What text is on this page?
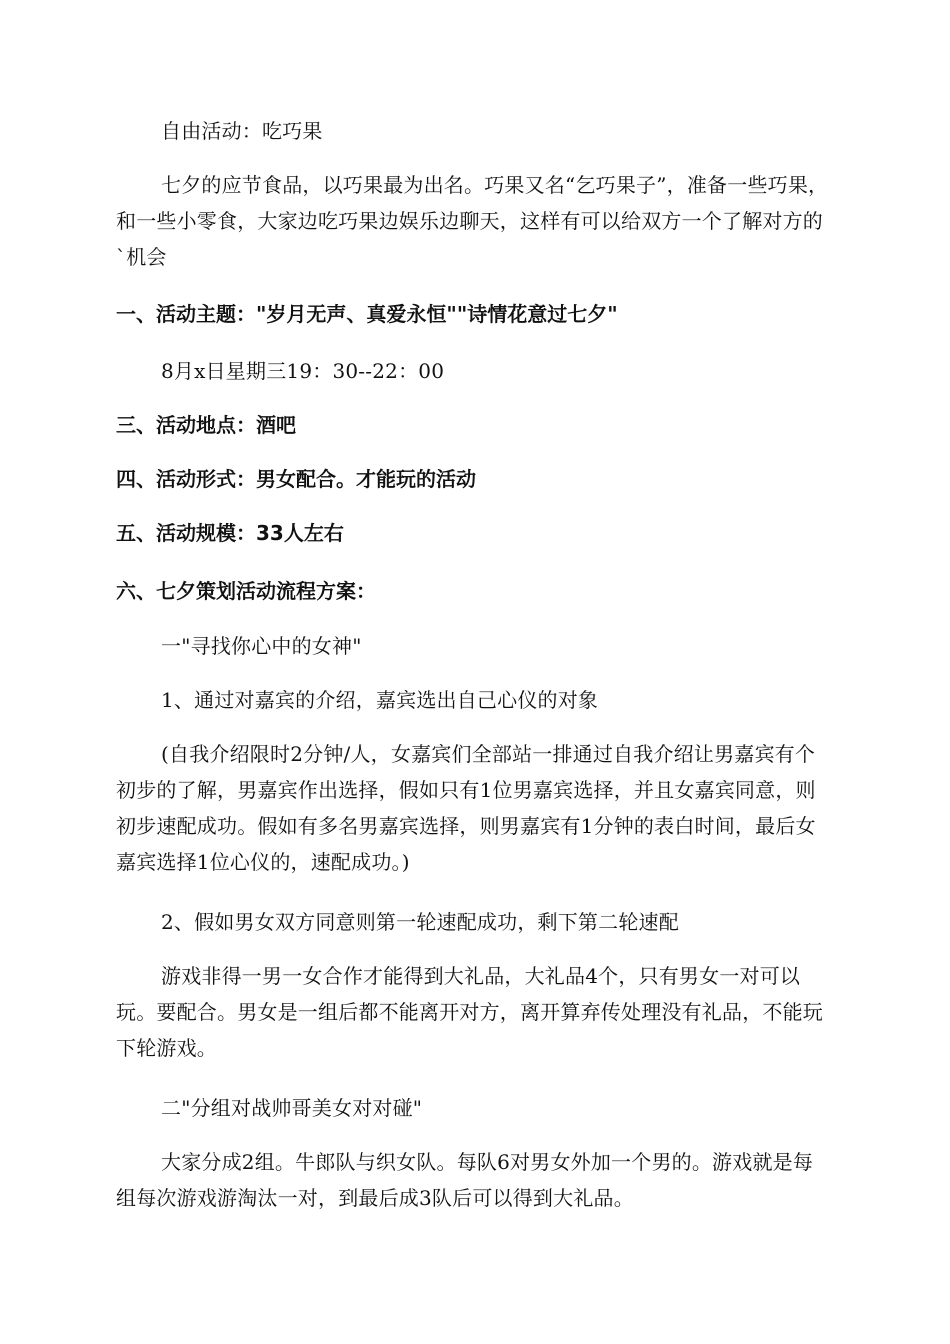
自由活动：吃巧果

七夕的应节食品，以巧果最为出名。巧果又名“乞巧果子”，准备一些巧果，和一些小零食，大家边吃巧果边娱乐边聊天，这样有可以给双方一个了解对方的`机会

一、活动主题："岁月无声、真爱永恒""诗情花意过七夕"

8月x日星期三19：30--22：00

三、活动地点：酒吧
四、活动形式：男女配合。才能玩的活动
五、活动规模：33人左右
六、七夕策划活动流程方案：

一"寻找你心中的女神"

1、通过对嘉宾的介绍，嘉宾选出自己心仪的对象

(自我介绍限时2分钟/人，女嘉宾们全部站一排通过自我介绍让男嘉宾有个初步的了解，男嘉宾作出选择，假如只有1位男嘉宾选择，并且女嘉宾同意，则初步速配成功。假如有多名男嘉宾选择，则男嘉宾有1分钟的表白时间，最后女嘉宾选择1位心仪的，速配成功。)

2、假如男女双方同意则第一轮速配成功，剩下第二轮速配

游戏非得一男一女合作才能得到大礼品，大礼品4个，只有男女一对可以玩。要配合。男女是一组后都不能离开对方，离开算弃传处理没有礼品，不能玩下轮游戏。

二"分组对战帅哥美女对对碰"

大家分成2组。牛郎队与织女队。每队6对男女外加一个男的。游戏就是每组每次游戏游淘汰一对，到最后成3队后可以得到大礼品。
